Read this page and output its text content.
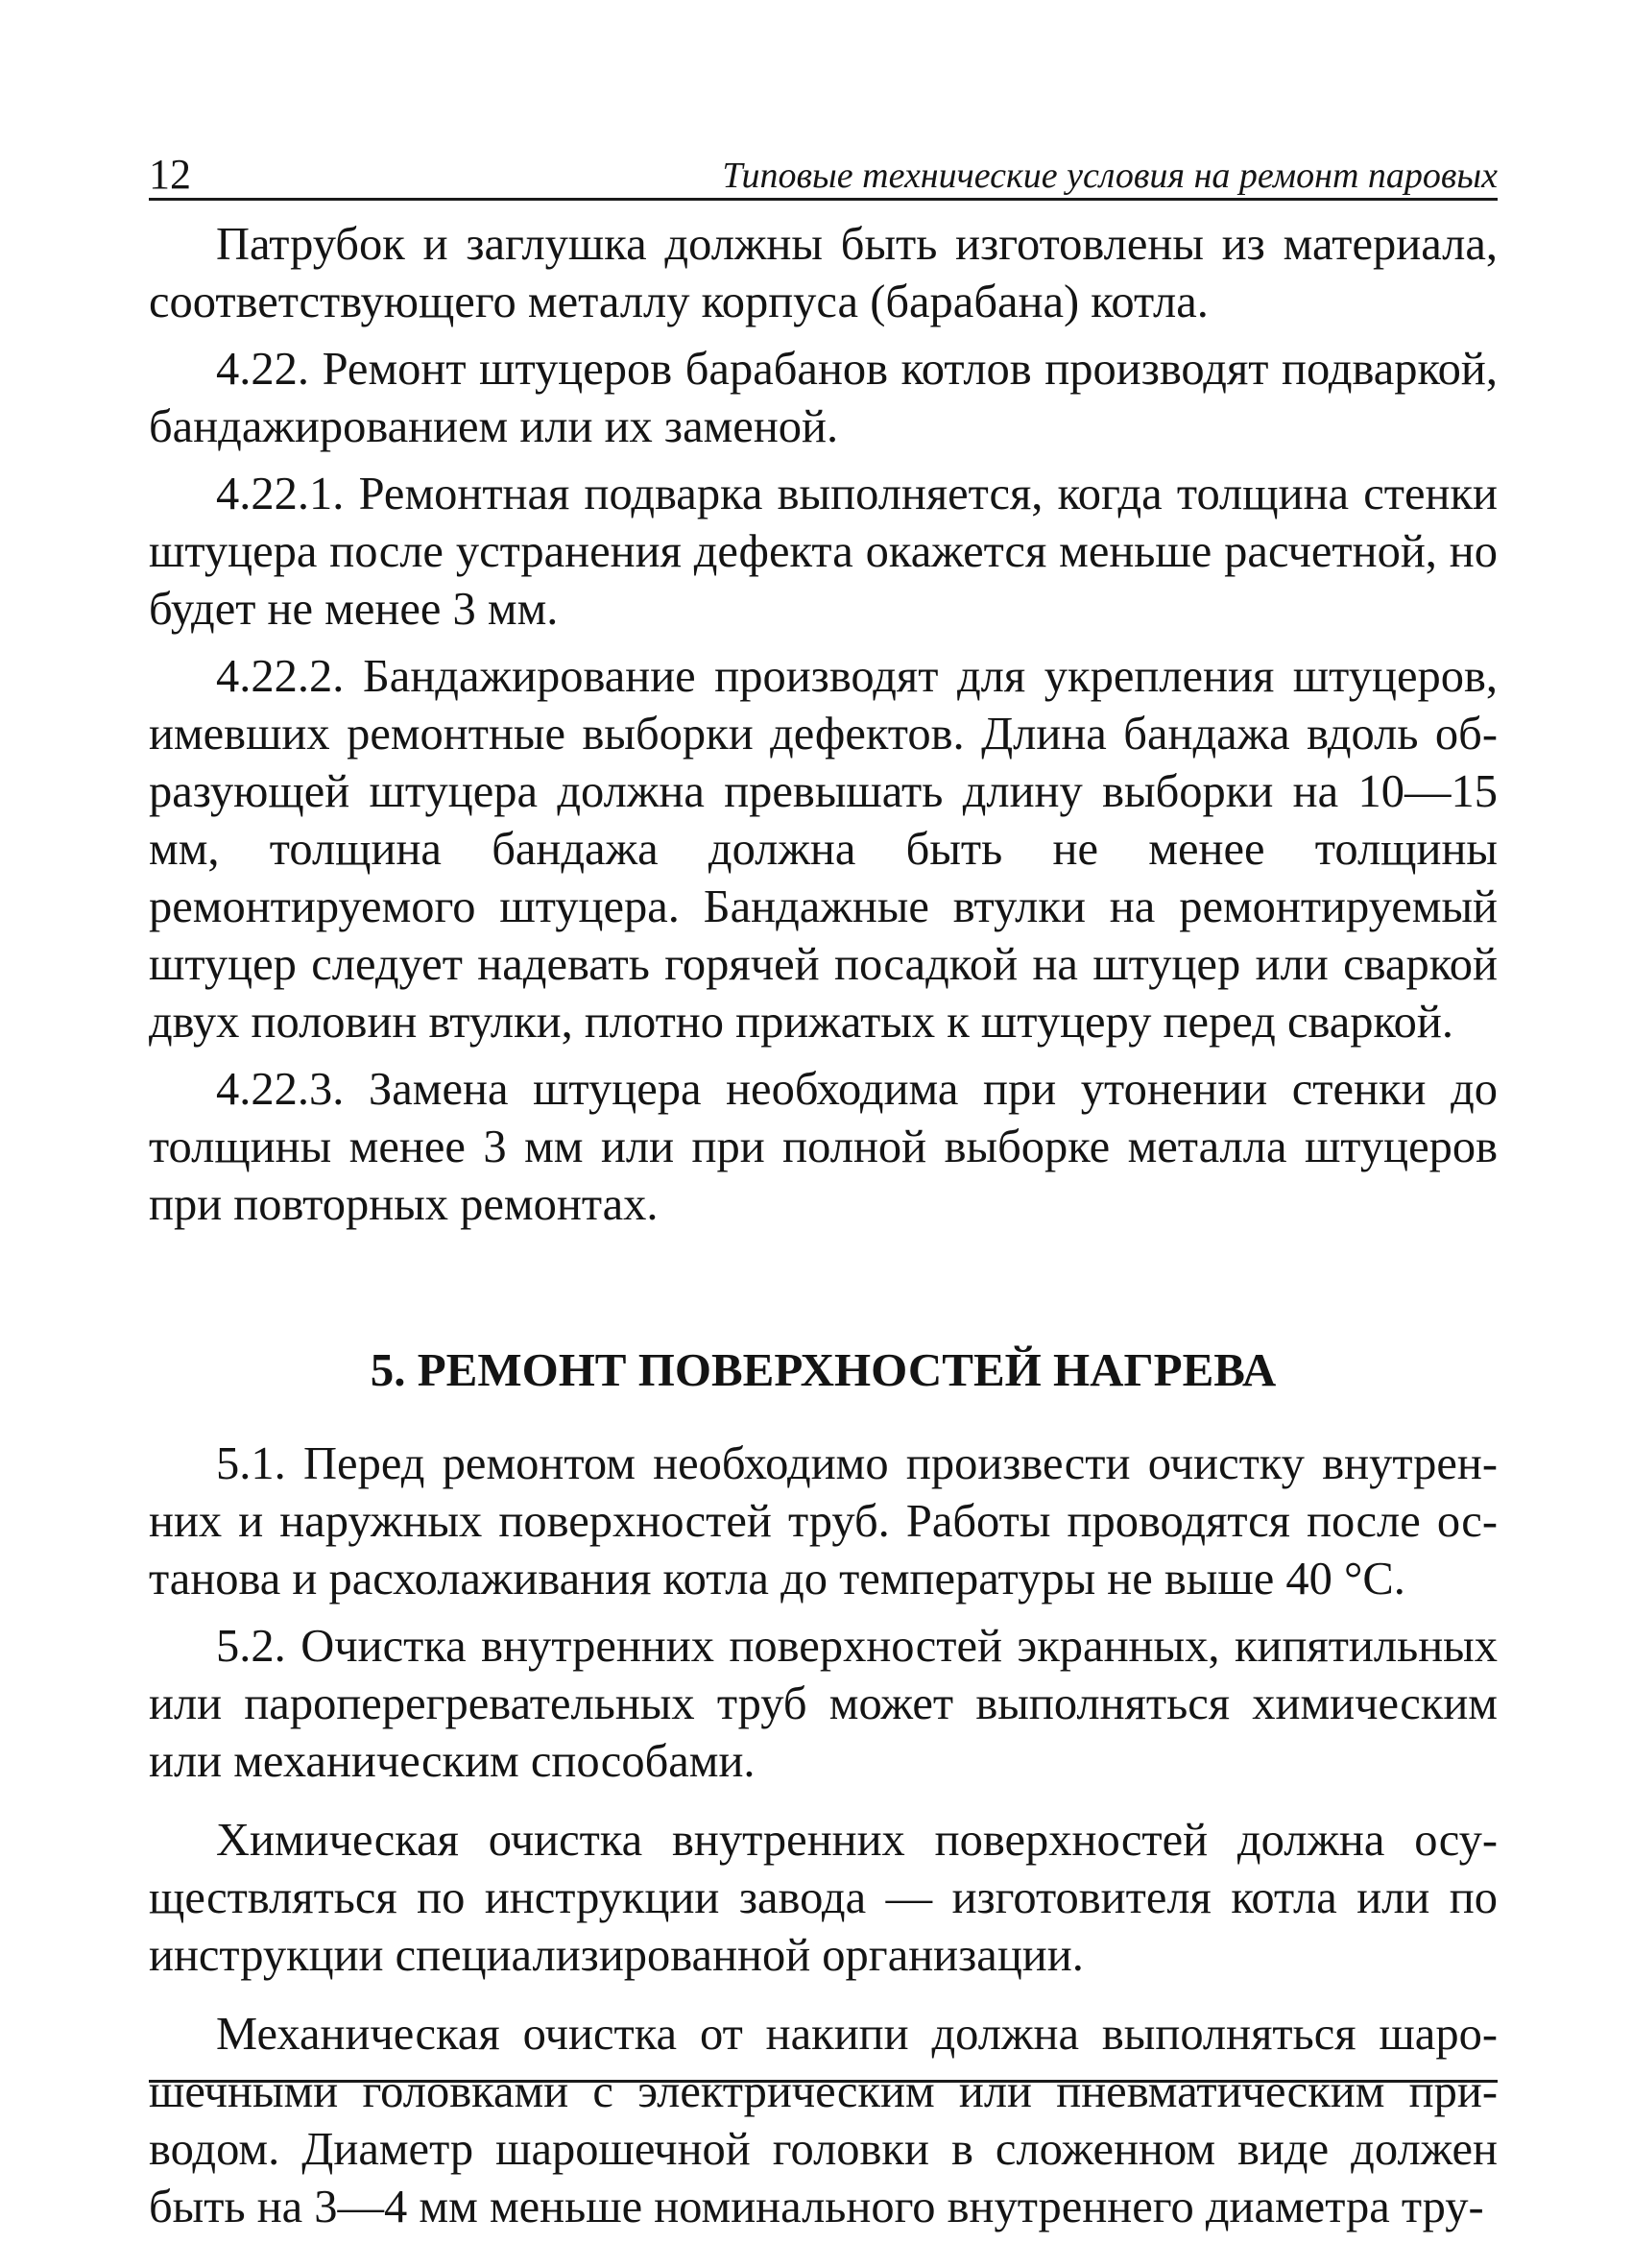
12	Типовые технические условия на ремонт паровых

Патрубок и заглушка должны быть изготовлены из материала, соответствующего металлу корпуса (барабана) котла.

4.22. Ремонт штуцеров барабанов котлов производят подваркой, бандажированием или их заменой.

4.22.1. Ремонтная подварка выполняется, когда толщина стенки штуцера после устранения дефекта окажется меньше расчетной, но будет не менее 3 мм.

4.22.2. Бандажирование производят для укрепления штуцеров, имевших ремонтные выборки дефектов. Длина бандажа вдоль образующей штуцера должна превышать длину выборки на 10—15 мм, толщина бандажа должна быть не менее толщины ремонтируемого штуцера. Бандажные втулки на ремонтируемый штуцер следует надевать горячей посадкой на штуцер или сваркой двух половин втулки, плотно прижатых к штуцеру перед сваркой.

4.22.3. Замена штуцера необходима при утонении стенки до толщины менее 3 мм или при полной выборке металла штуцеров при повторных ремонтах.

5. РЕМОНТ ПОВЕРХНОСТЕЙ НАГРЕВА

5.1. Перед ремонтом необходимо произвести очистку внутренних и наружных поверхностей труб. Работы проводятся после останова и расхолаживания котла до температуры не выше 40 °С.

5.2. Очистка внутренних поверхностей экранных, кипятильных или пароперегревательных труб может выполняться химическим или механическим способами.

Химическая очистка внутренних поверхностей должна осуществляться по инструкции завода — изготовителя котла или по инструкции специализированной организации.

Механическая очистка от накипи должна выполняться шарошечными головками с электрическим или пневматическим приводом. Диаметр шарошечной головки в сложенном виде должен быть на 3—4 мм меньше номинального внутреннего диаметра тру-
